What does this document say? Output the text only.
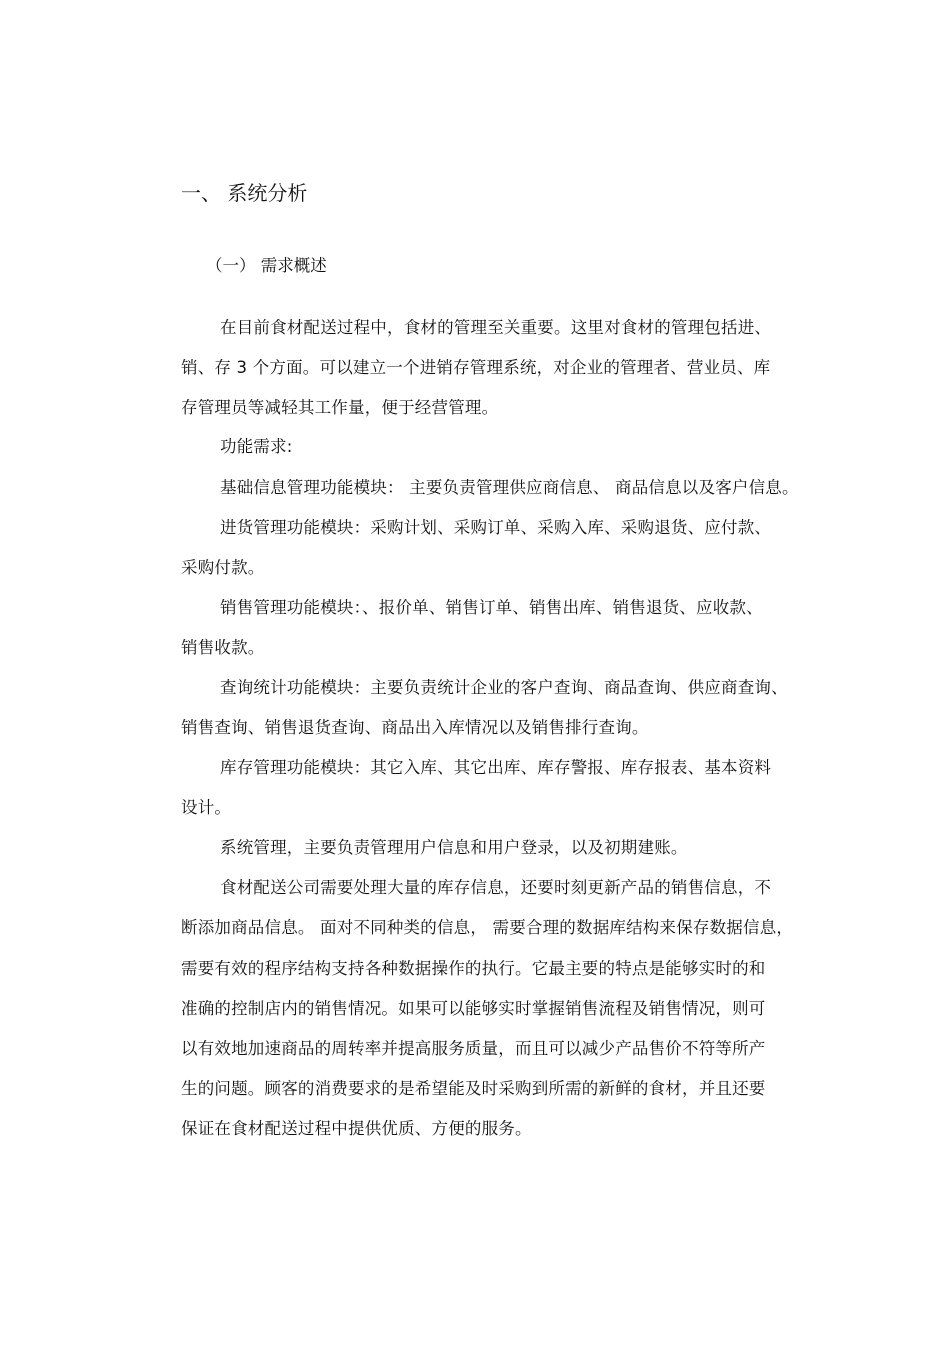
一、 系统分析
（一） 需求概述
在目前食材配送过程中，食材的管理至关重要。这里对食材的管理包括进、
销、存 3 个方面。可以建立一个进销存管理系统，对企业的管理者、营业员、库
存管理员等减轻其工作量，便于经营管理。
功能需求:
基础信息管理功能模块： 主要负责管理供应商信息、 商品信息以及客户信息。
进货管理功能模块：采购计划、采购订单、采购入库、采购退货、应付款、
采购付款。
销售管理功能模块：、报价单、销售订单、销售出库、销售退货、应收款、
销售收款。
查询统计功能模块：主要负责统计企业的客户查询、商品查询、供应商查询、
销售查询、销售退货查询、商品出入库情况以及销售排行查询。
库存管理功能模块：其它入库、其它出库、库存警报、库存报表、基本资料
设计。
系统管理，主要负责管理用户信息和用户登录，以及初期建账。
食材配送公司需要处理大量的库存信息，还要时刻更新产品的销售信息，不
断添加商品信息。 面对不同种类的信息， 需要合理的数据库结构来保存数据信息，
需要有效的程序结构支持各种数据操作的执行。它最主要的特点是能够实时的和
准确的控制店内的销售情况。如果可以能够实时掌握销售流程及销售情况，则可
以有效地加速商品的周转率并提高服务质量，而且可以减少产品售价不符等所产
生的问题。顾客的消费要求的是希望能及时采购到所需的新鲜的食材，并且还要
保证在食材配送过程中提供优质、方便的服务。
